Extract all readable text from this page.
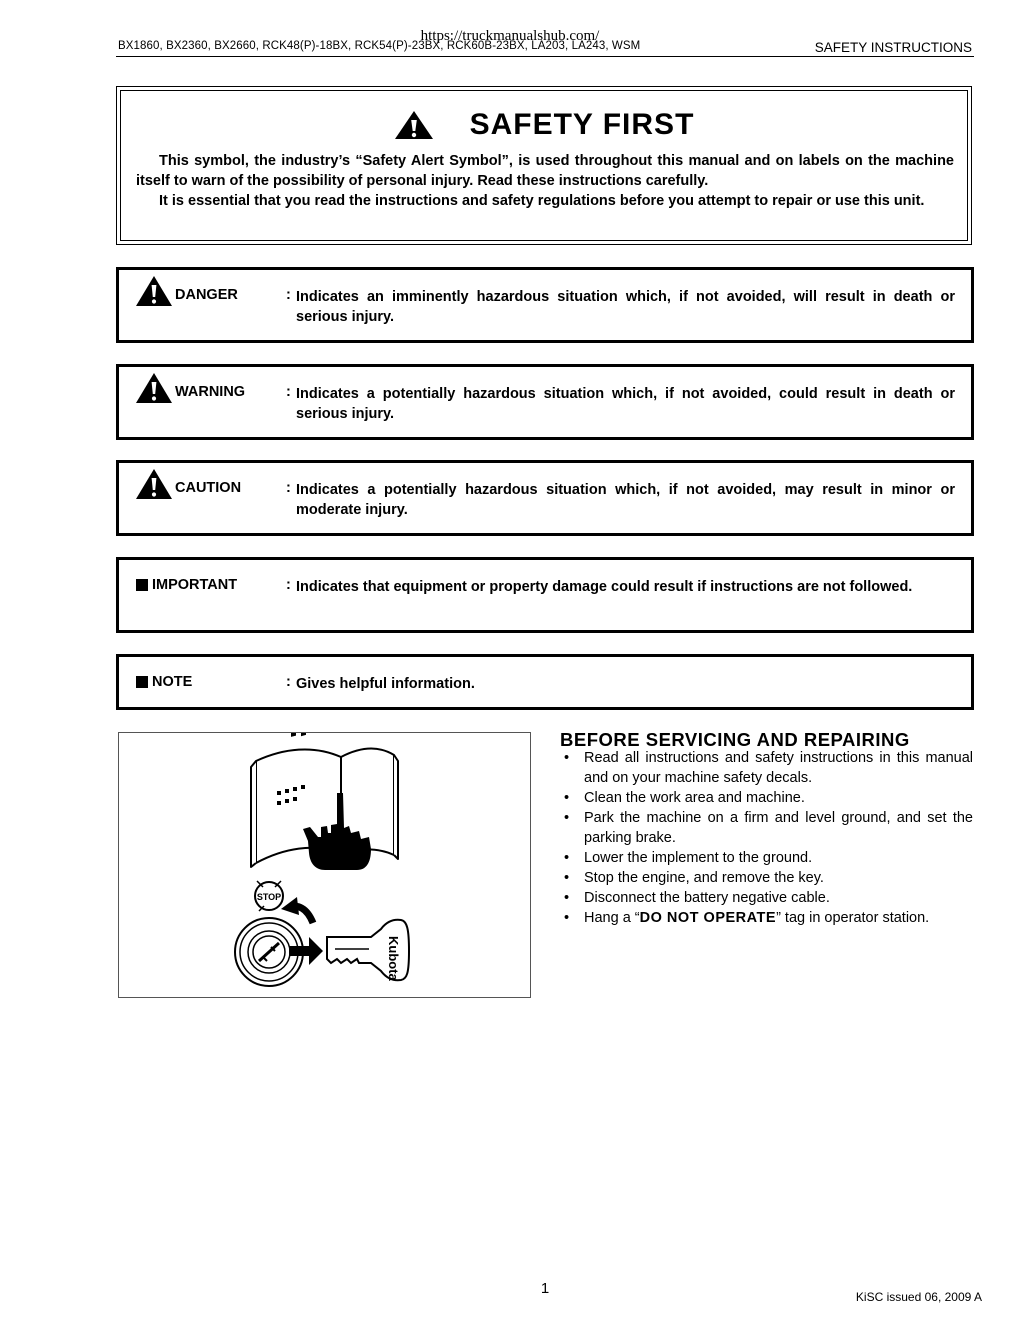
https://truckmanualshub.com/
BX1860, BX2360, BX2660, RCK48(P)-18BX, RCK54(P)-23BX, RCK60B-23BX, LA203, LA243, WSM	SAFETY INSTRUCTIONS
SAFETY FIRST

This symbol, the industry’s “Safety Alert Symbol”, is used throughout this manual and on labels on the machine itself to warn of the possibility of personal injury. Read these instructions carefully.

It is essential that you read the instructions and safety regulations before you attempt to repair or use this unit.

DANGER	: Indicates an imminently hazardous situation which, if not avoided, will result in death or serious injury.
WARNING	: Indicates a potentially hazardous situation which, if not avoided, could result in death or serious injury.
CAUTION	: Indicates a potentially hazardous situation which, if not avoided, may result in minor or moderate injury.
IMPORTANT	: Indicates that equipment or property damage could result if instructions are not followed.
NOTE	: Gives helpful information.
STOP
Kubota
BEFORE SERVICING AND REPAIRING
• Read all instructions and safety instructions in this manual and on your machine safety decals.
• Clean the work area and machine.
• Park the machine on a firm and level ground, and set the parking brake.
• Lower the implement to the ground.
• Stop the engine, and remove the key.
• Disconnect the battery negative cable.
• Hang a “DO NOT OPERATE” tag in operator station.
1	KiSC issued 06, 2009 A
